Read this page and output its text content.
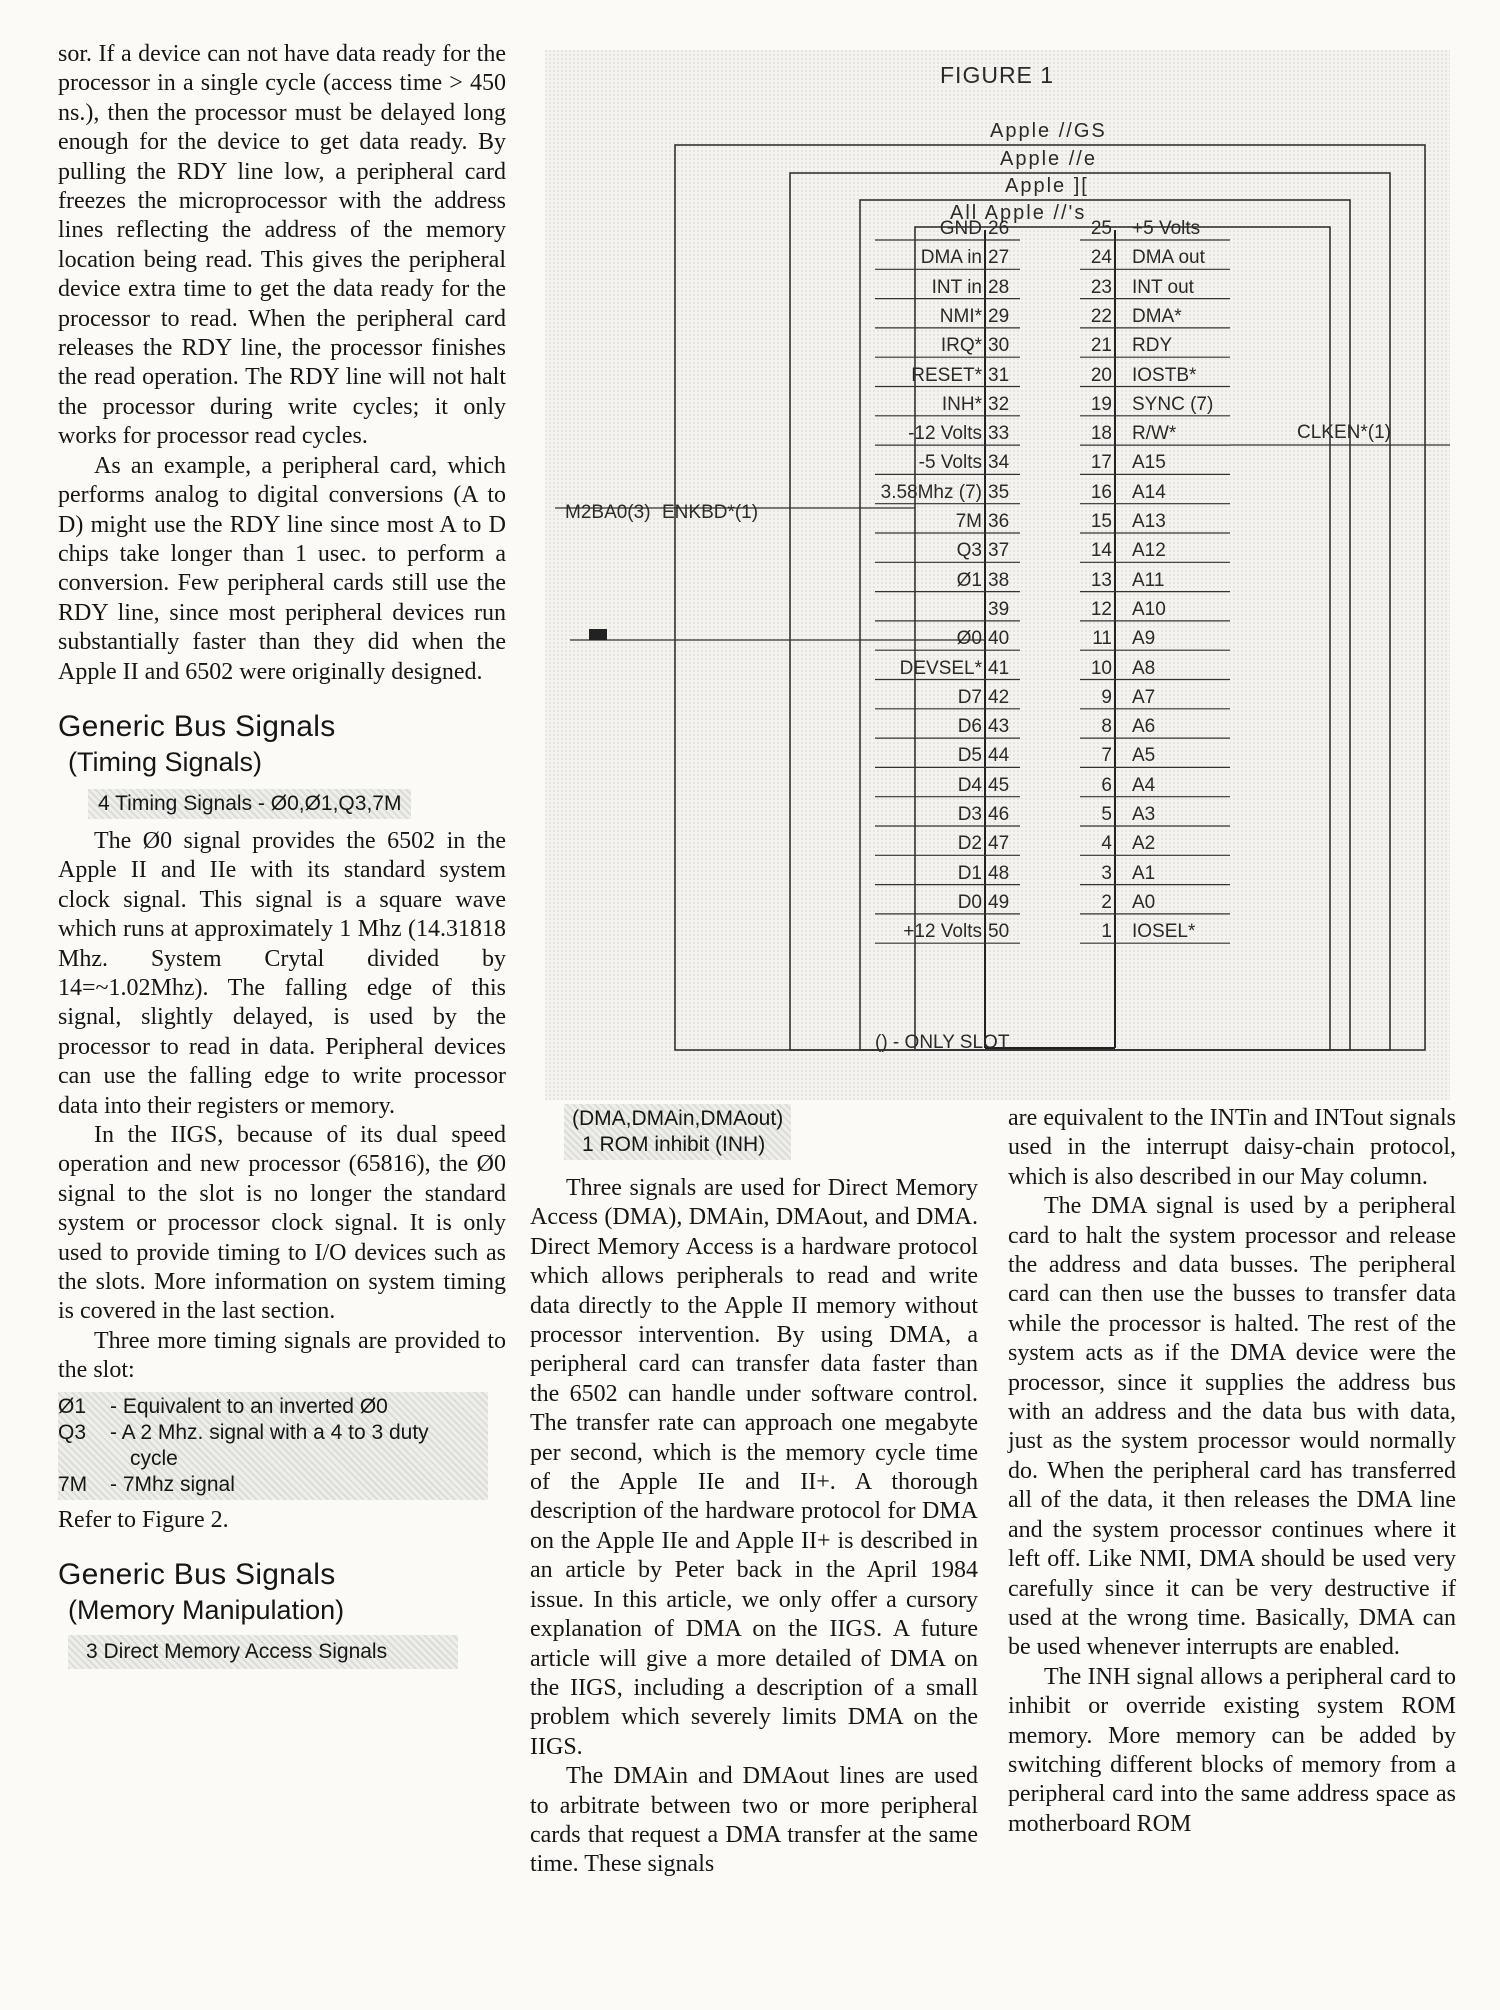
sor. If a device can not have data ready for the processor in a single cycle (access time > 450 ns.), then the processor must be delayed long enough for the device to get data ready. By pulling the RDY line low, a peripheral card freezes the microprocessor with the address lines reflecting the address of the memory location being read. This gives the peripheral device extra time to get the data ready for the processor to read. When the peripheral card releases the RDY line, the processor finishes the read operation. The RDY line will not halt the processor during write cycles; it only works for processor read cycles.

As an example, a peripheral card, which performs analog to digital conversions (A to D) might use the RDY line since most A to D chips take longer than 1 usec. to perform a conversion. Few peripheral cards still use the RDY line, since most peripheral devices run substantially faster than they did when the Apple II and 6502 were originally designed.

Generic Bus Signals
(Timing Signals)
4 Timing Signals - Ø0,Ø1,Q3,7M

The Ø0 signal provides the 6502 in the Apple II and IIe with its standard system clock signal. This signal is a square wave which runs at approximately 1 Mhz (14.31818 Mhz. System Crytal divided by 14=~1.02Mhz). The falling edge of this signal, slightly delayed, is used by the processor to read in data. Peripheral devices can use the falling edge to write processor data into their registers or memory.

In the IIGS, because of its dual speed operation and new processor (65816), the Ø0 signal to the slot is no longer the standard system or processor clock signal. It is only used to provide timing to I/O devices such as the slots. More information on system timing is covered in the last section.

Three more timing signals are provided to the slot:

Ø1 - Equivalent to an inverted Ø0
Q3 - A 2 Mhz. signal with a 4 to 3 duty
cycle
7M - 7Mhz signal

Refer to Figure 2.

Generic Bus Signals
(Memory Manipulation)
3 Direct Memory Access Signals
FIGURE 1
Apple //GS
Apple //e
Apple ][
All Apple //'s
GND 26
DMA in 27
INT in 28
NMI* 29
IRQ* 30
RESET* 31
INH* 32
-12 Volts 33
-5 Volts 34
3.58Mhz (7) 35
7M 36
Q3 37
Ø1 38
39
Ø0 40
DEVSEL* 41
D7 42
D6 43
D5 44
D4 45
D3 46
D2 47
D1 48
D0 49
+12 Volts 50
25 +5 Volts
24 DMA out
23 INT out
22 DMA*
21 RDY
20 IOSTB*
19 SYNC (7)
18 R/W*
17 A15
16 A14
15 A13
14 A12
13 A11
12 A10
11 A9
10 A8
9 A7
8 A6
7 A5
6 A4
5 A3
4 A2
3 A1
2 A0
1 IOSEL*
M2BA0(3) ENKBD*(1)
CLKEN*(1)
() - ONLY SLOT
(DMA,DMAin,DMAout)
1 ROM inhibit (INH)

Three signals are used for Direct Memory Access (DMA), DMAin, DMAout, and DMA. Direct Memory Access is a hardware protocol which allows peripherals to read and write data directly to the Apple II memory without processor intervention. By using DMA, a peripheral card can transfer data faster than the 6502 can handle under software control. The transfer rate can approach one megabyte per second, which is the memory cycle time of the Apple IIe and II+. A thorough description of the hardware protocol for DMA on the Apple IIe and Apple II+ is described in an article by Peter back in the April 1984 issue. In this article, we only offer a cursory explanation of DMA on the IIGS. A future article will give a more detailed of DMA on the IIGS, including a description of a small problem which severely limits DMA on the IIGS.

The DMAin and DMAout lines are used to arbitrate between two or more peripheral cards that request a DMA transfer at the same time. These signals

are equivalent to the INTin and INTout signals used in the interrupt daisy-chain protocol, which is also described in our May column.

The DMA signal is used by a peripheral card to halt the system processor and release the address and data busses. The peripheral card can then use the busses to transfer data while the processor is halted. The rest of the system acts as if the DMA device were the processor, since it supplies the address bus with an address and the data bus with data, just as the system processor would normally do. When the peripheral card has transferred all of the data, it then releases the DMA line and the system processor continues where it left off. Like NMI, DMA should be used very carefully since it can be very destructive if used at the wrong time. Basically, DMA can be used whenever interrupts are enabled.

The INH signal allows a peripheral card to inhibit or override existing system ROM memory. More memory can be added by switching different blocks of memory from a peripheral card into the same address space as motherboard ROM
